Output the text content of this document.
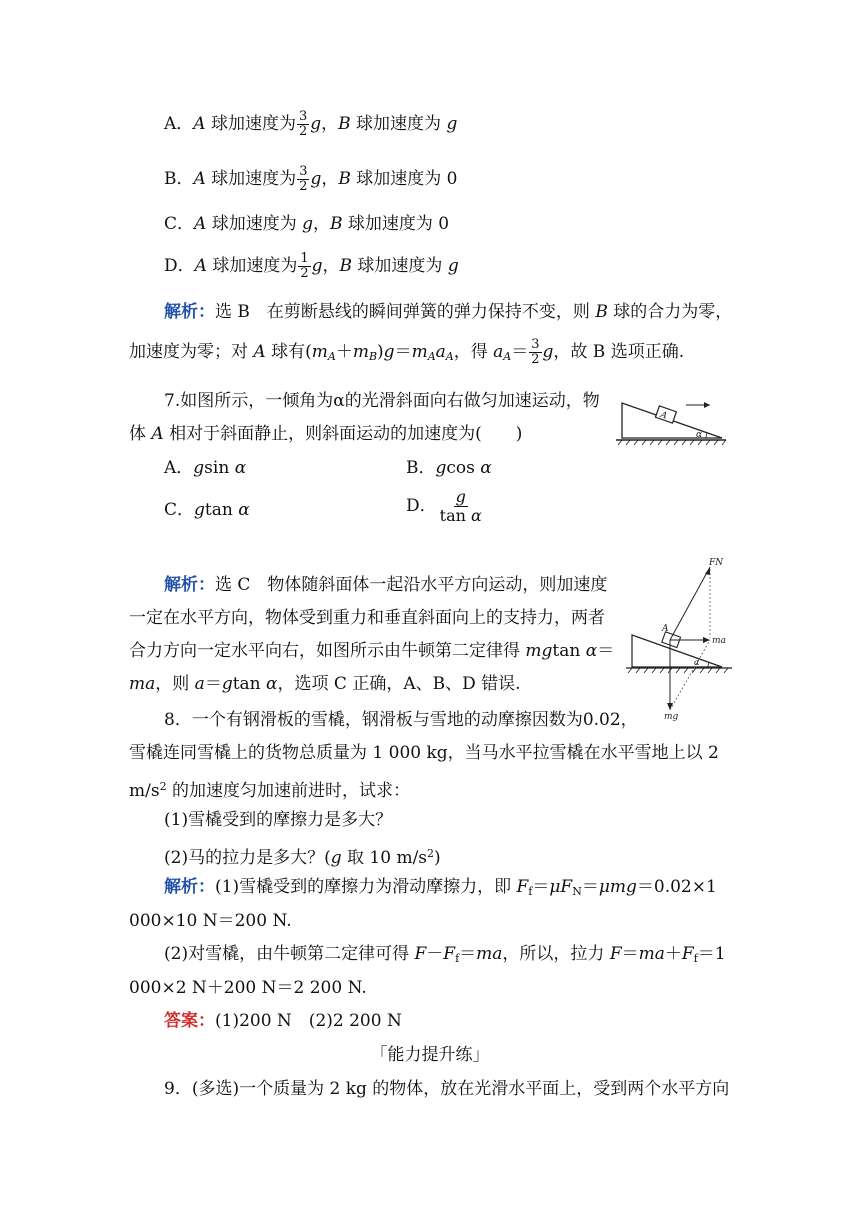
A．A 球加速度为 $\frac{3}{2}$ g，B 球加速度为 g
B．A 球加速度为 $\frac{3}{2}$ g，B 球加速度为 0
C．A 球加速度为 g，B 球加速度为 0
D．A 球加速度为 $\frac{1}{2}$ g，B 球加速度为 g
解析：选 B　在剪断悬线的瞬间弹簧的弹力保持不变，则 B 球的合力为零，
加速度为零；对 A 球有$(m_A+m_B)g=m_Aa_A$，得 $a_A= \frac{3}{2}$ g，故 B 选项正确.
7.如图所示，一倾角为α的光滑斜面向右做匀加速运动，物
体 A 相对于斜面静止，则斜面运动的加速度为(　　)
A
α
A．gsin α	B．gcos α
C．gtan α	D． $\frac{g}{\text{tan α}}$
解析：选 C　物体随斜面体一起沿水平方向运动，则加速度
一定在水平方向，物体受到重力和垂直斜面向上的支持力，两者
合力方向一定水平向右，如图所示由牛顿第二定律得 mgtan α＝
ma，则 a＝gtan α，选项 C 正确，A、B、D 错误.
A
FN
ma
mg
α
8．一个有钢滑板的雪橇，钢滑板与雪地的动摩擦因数为0.02，
雪橇连同雪橇上的货物总质量为 1 000 kg，当马水平拉雪橇在水平雪地上以 2
$m/s^2$ 的加速度匀加速前进时，试求：
(1)雪橇受到的摩擦力是多大？
(2)马的拉力是多大？(g 取 10 $m/s^2$)
解析：(1)雪橇受到的摩擦力为滑动摩擦力，即 $F_f=\mu F_N=\mu mg=0.02\times 1$
000×10 N＝200 N.
(2)对雪橇，由牛顿第二定律可得 $F-F_f=ma$，所以，拉力 $F=ma+F_f=1$
000×2 N＋200 N＝2 200 N.
答案：(1)200 N　(2)2 200 N
「能力提升练」
9．(多选)一个质量为 2 kg 的物体，放在光滑水平面上，受到两个水平方向
